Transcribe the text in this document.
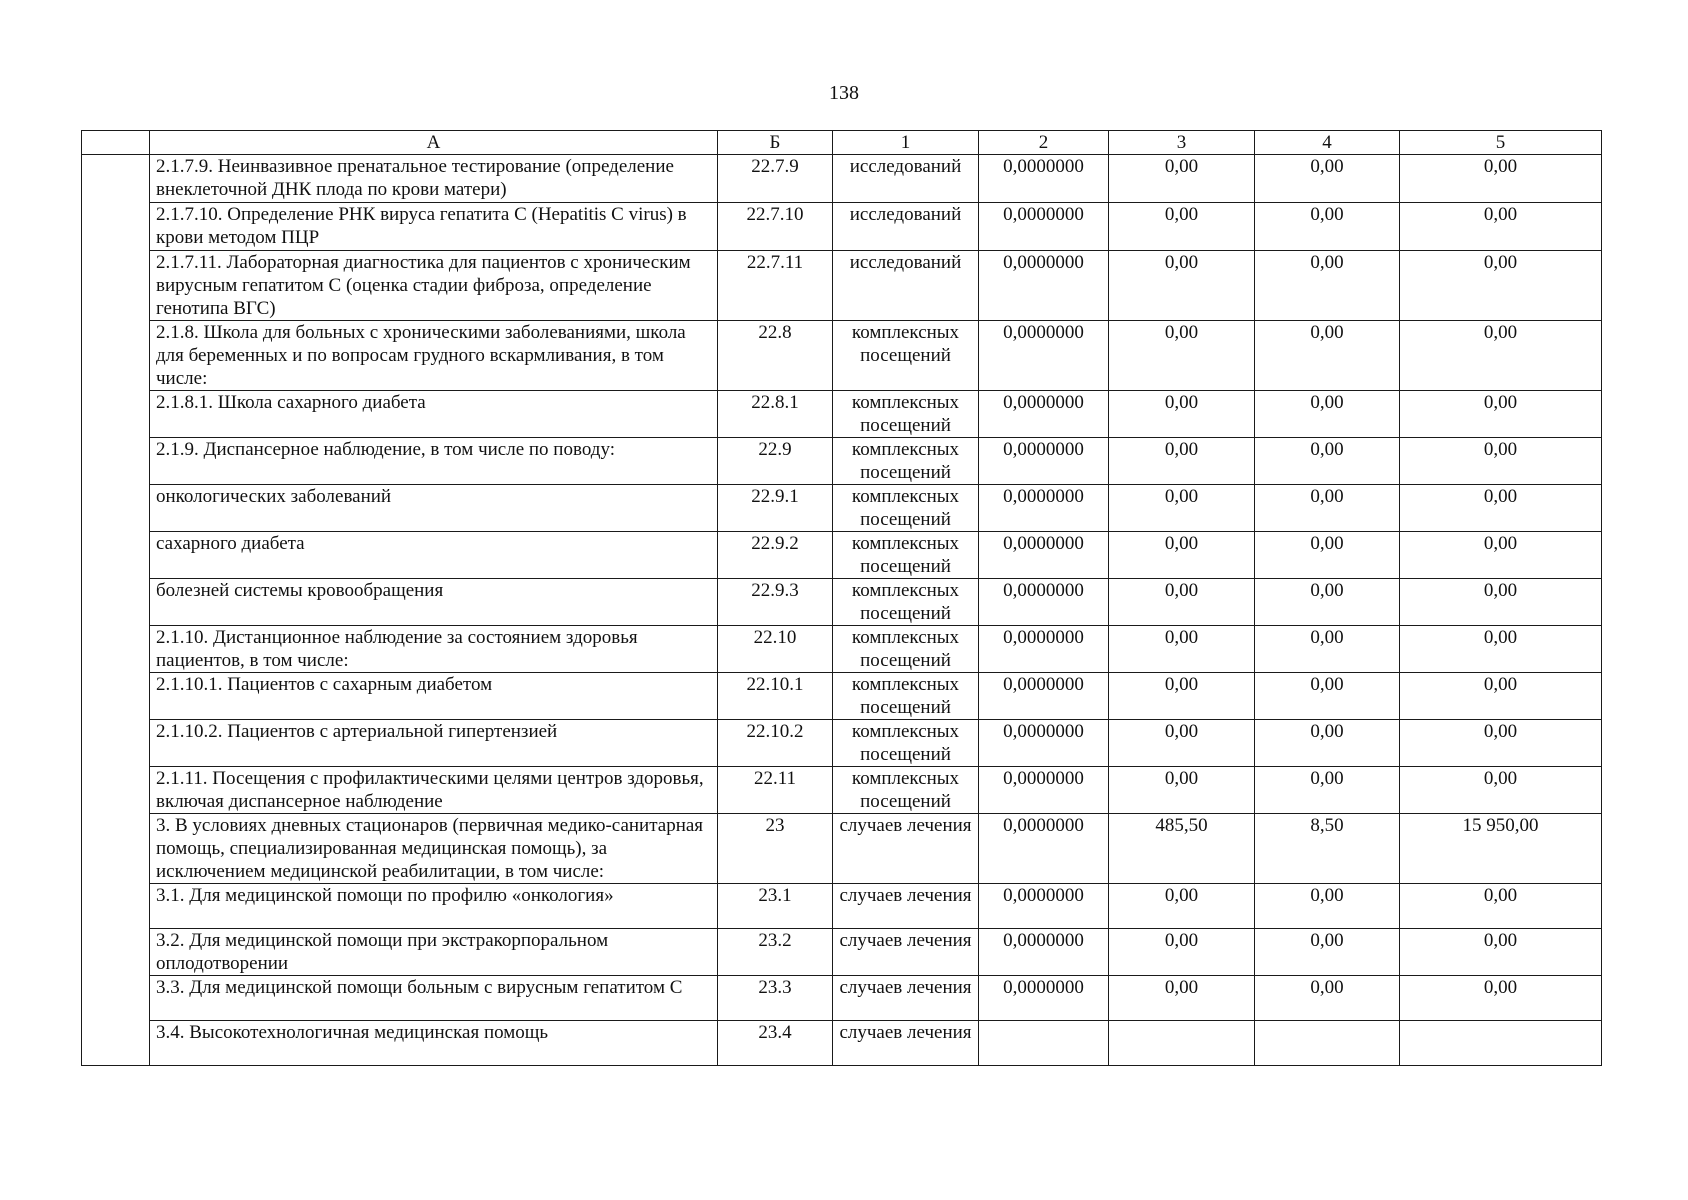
138
	А	Б	1	2	3	4	5
	2.1.7.9. Неинвазивное пренатальное тестирование (определение внеклеточной ДНК плода по крови матери)	22.7.9	исследований	0,0000000	0,00	0,00	0,00
	2.1.7.10. Определение РНК вируса гепатита С (Hepatitis C virus) в крови методом ПЦР	22.7.10	исследований	0,0000000	0,00	0,00	0,00
	2.1.7.11. Лабораторная диагностика для пациентов с хроническим вирусным гепатитом С (оценка стадии фиброза, определение генотипа ВГС)	22.7.11	исследований	0,0000000	0,00	0,00	0,00
	2.1.8. Школа для больных с хроническими заболеваниями, школа для беременных и по вопросам грудного вскармливания, в том числе:	22.8	комплексных посещений	0,0000000	0,00	0,00	0,00
	2.1.8.1. Школа сахарного диабета	22.8.1	комплексных посещений	0,0000000	0,00	0,00	0,00
	2.1.9. Диспансерное наблюдение, в том числе по поводу:	22.9	комплексных посещений	0,0000000	0,00	0,00	0,00
	онкологических заболеваний	22.9.1	комплексных посещений	0,0000000	0,00	0,00	0,00
	сахарного диабета	22.9.2	комплексных посещений	0,0000000	0,00	0,00	0,00
	болезней системы кровообращения	22.9.3	комплексных посещений	0,0000000	0,00	0,00	0,00
	2.1.10. Дистанционное наблюдение за состоянием здоровья пациентов, в том числе:	22.10	комплексных посещений	0,0000000	0,00	0,00	0,00
	2.1.10.1. Пациентов с сахарным диабетом	22.10.1	комплексных посещений	0,0000000	0,00	0,00	0,00
	2.1.10.2. Пациентов с артериальной гипертензией	22.10.2	комплексных посещений	0,0000000	0,00	0,00	0,00
	2.1.11. Посещения с профилактическими целями центров здоровья, включая диспансерное наблюдение	22.11	комплексных посещений	0,0000000	0,00	0,00	0,00
	3. В условиях дневных стационаров (первичная медико-санитарная помощь, специализированная медицинская помощь), за исключением медицинской реабилитации, в том числе:	23	случаев лечения	0,0000000	485,50	8,50	15 950,00
	3.1. Для медицинской помощи по профилю «онкология»	23.1	случаев лечения	0,0000000	0,00	0,00	0,00
	3.2. Для медицинской помощи при экстракорпоральном оплодотворении	23.2	случаев лечения	0,0000000	0,00	0,00	0,00
	3.3. Для медицинской помощи больным с вирусным гепатитом С	23.3	случаев лечения	0,0000000	0,00	0,00	0,00
	3.4. Высокотехнологичная медицинская помощь	23.4	случаев лечения				
